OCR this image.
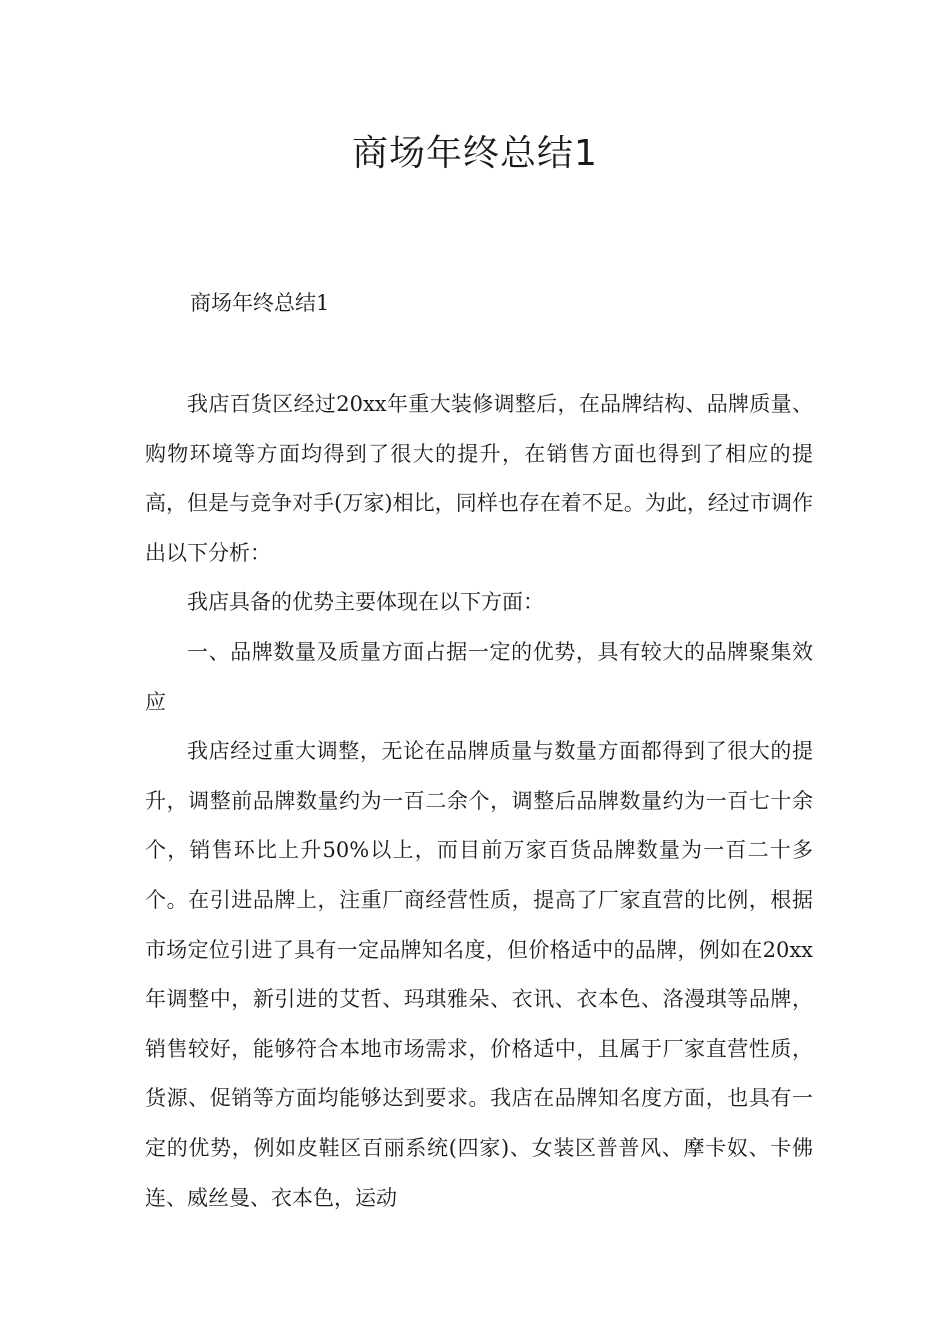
商场年终总结1

商场年终总结1

我店百货区经过20xx年重大装修调整后，在品牌结构、品牌质量、购物环境等方面均得到了很大的提升，在销售方面也得到了相应的提高，但是与竞争对手(万家)相比，同样也存在着不足。为此，经过市调作出以下分析：

我店具备的优势主要体现在以下方面：

一、品牌数量及质量方面占据一定的优势，具有较大的品牌聚集效应

我店经过重大调整，无论在品牌质量与数量方面都得到了很大的提升，调整前品牌数量约为一百二余个，调整后品牌数量约为一百七十余个，销售环比上升50%以上，而目前万家百货品牌数量为一百二十多个。在引进品牌上，注重厂商经营性质，提高了厂家直营的比例，根据市场定位引进了具有一定品牌知名度，但价格适中的品牌，例如在20xx年调整中，新引进的艾哲、玛琪雅朵、衣讯、衣本色、洛漫琪等品牌，销售较好，能够符合本地市场需求，价格适中，且属于厂家直营性质，货源、促销等方面均能够达到要求。我店在品牌知名度方面，也具有一定的优势，例如皮鞋区百丽系统(四家)、女装区普普风、摩卡奴、卡佛连、威丝曼、衣本色，运动
